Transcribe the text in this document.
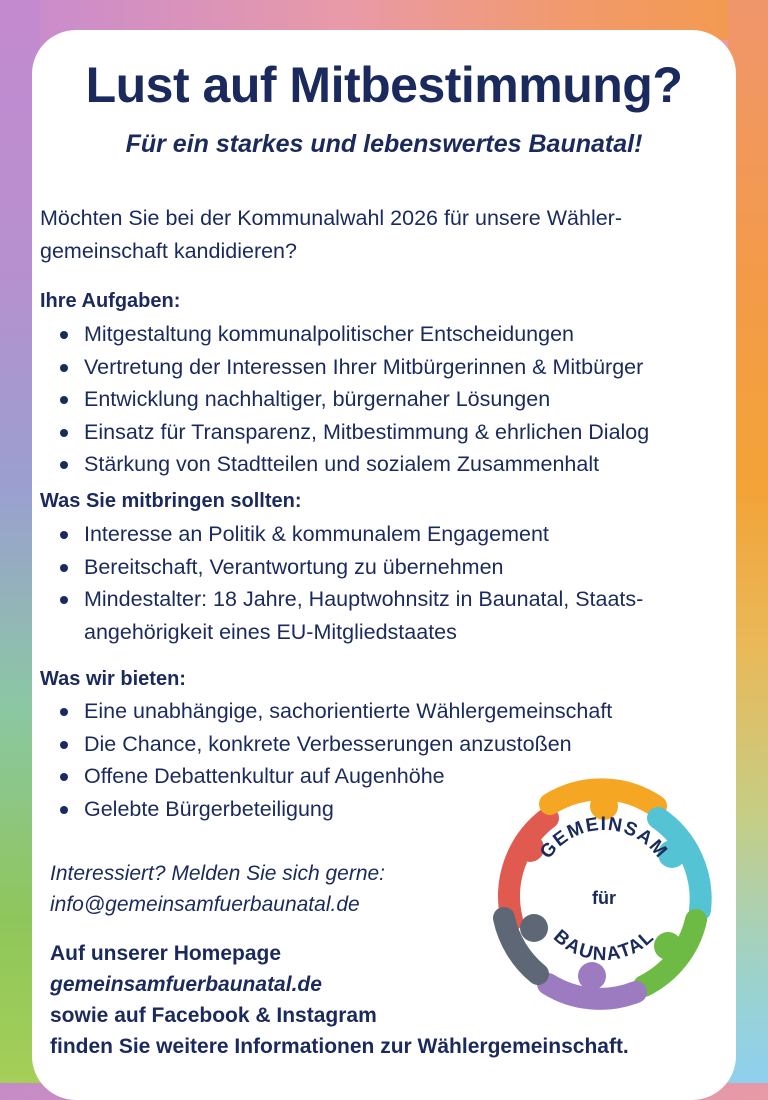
Lust auf Mitbestimmung?
Für ein starkes und lebenswertes Baunatal!
Möchten Sie bei der Kommunalwahl 2026 für unsere Wähler-
gemeinschaft kandidieren?
Ihre Aufgaben:
Mitgestaltung kommunalpolitischer Entscheidungen
Vertretung der Interessen Ihrer Mitbürgerinnen & Mitbürger
Entwicklung nachhaltiger, bürgernaher Lösungen
Einsatz für Transparenz, Mitbestimmung & ehrlichen Dialog
Stärkung von Stadtteilen und sozialem Zusammenhalt
Was Sie mitbringen sollten:
Interesse an Politik & kommunalem Engagement
Bereitschaft, Verantwortung zu übernehmen
Mindestalter: 18 Jahre, Hauptwohnsitz in Baunatal, Staats-
angehörigkeit eines EU-Mitgliedstaates
Was wir bieten:
Eine unabhängige, sachorientierte Wählergemeinschaft
Die Chance, konkrete Verbesserungen anzustoßen
Offene Debattenkultur auf Augenhöhe
Gelebte Bürgerbeteiligung
Interessiert? Melden Sie sich gerne:
info@gemeinsamfuerbaunatal.de
Auf unserer Homepage
gemeinsamfuerbaunatal.de
sowie auf Facebook & Instagram
finden Sie weitere Informationen zur Wählergemeinschaft.
GEMEINSAM
für
BAUNATAL
